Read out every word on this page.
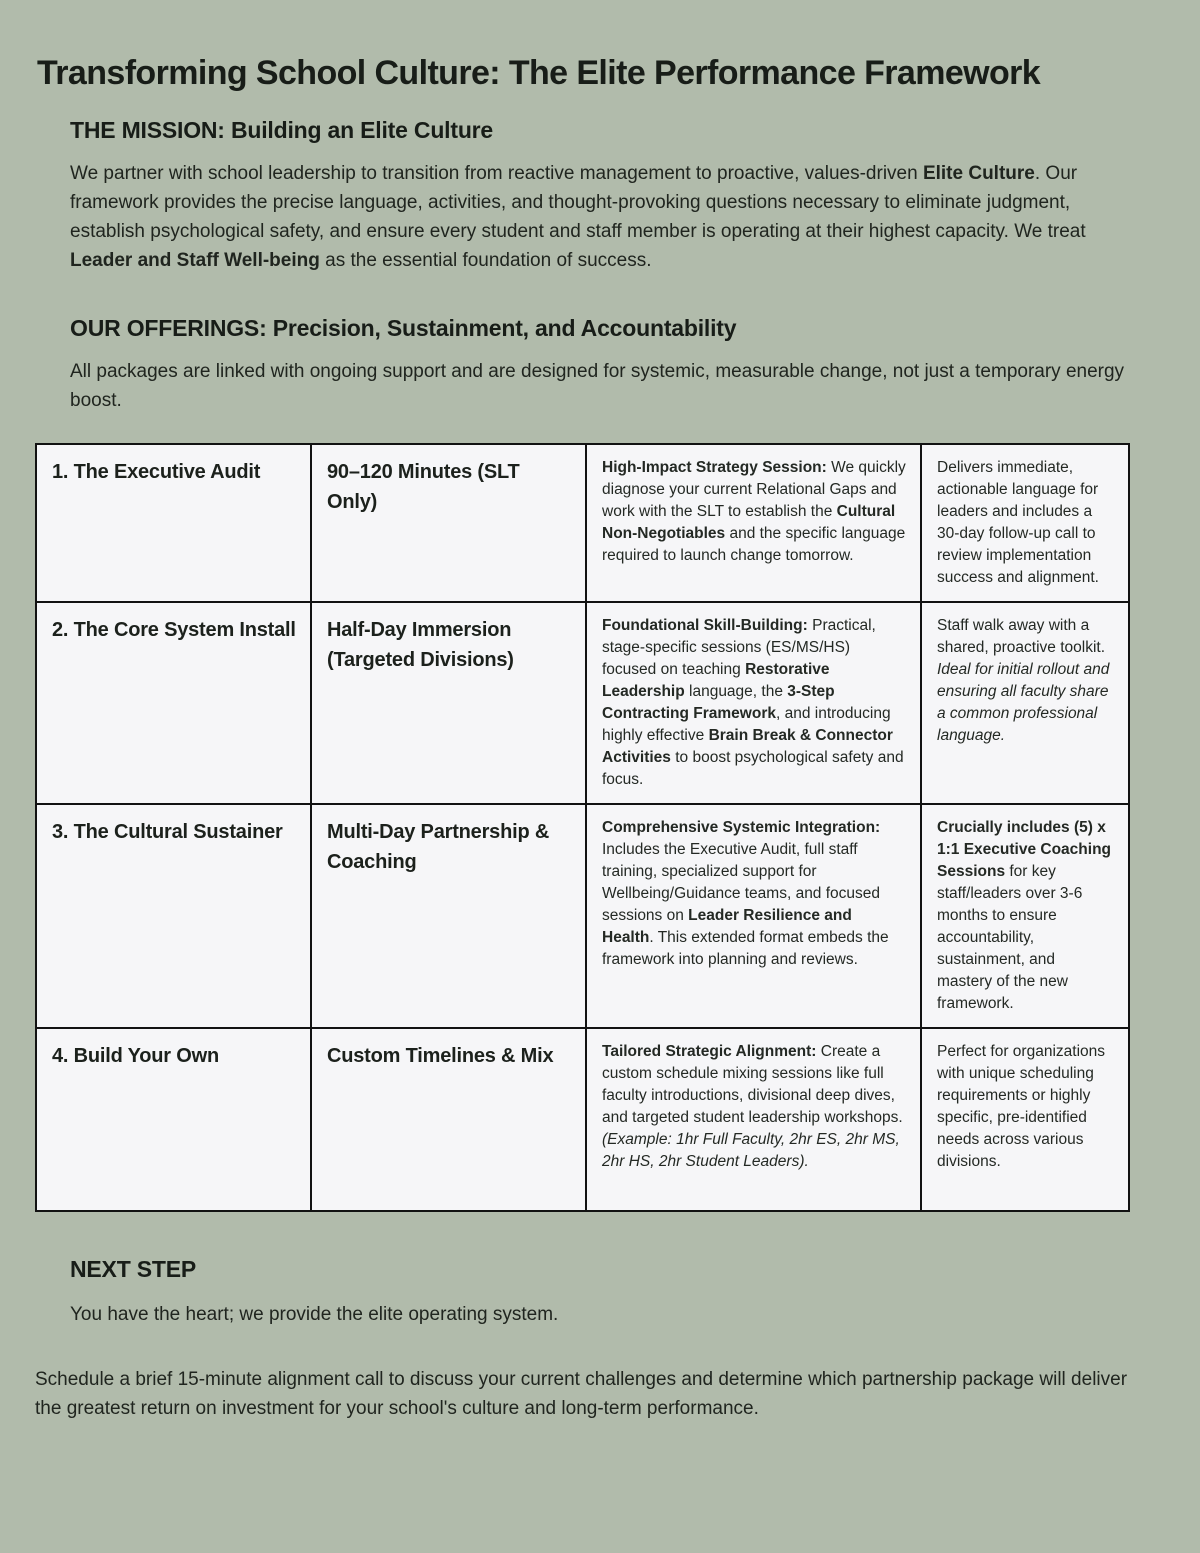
Transforming School Culture: The Elite Performance Framework
THE MISSION: Building an Elite Culture

We partner with school leadership to transition from reactive management to proactive, values-driven Elite Culture. Our framework provides the precise language, activities, and thought-provoking questions necessary to eliminate judgment, establish psychological safety, and ensure every student and staff member is operating at their highest capacity. We treat Leader and Staff Well-being as the essential foundation of success.

OUR OFFERINGS: Precision, Sustainment, and Accountability

All packages are linked with ongoing support and are designed for systemic, measurable change, not just a temporary energy boost.

1. The Executive Audit	90–120 Minutes (SLT Only)	High-Impact Strategy Session: We quickly diagnose your current Relational Gaps and work with the SLT to establish the Cultural Non-Negotiables and the specific language required to launch change tomorrow.	Delivers immediate, actionable language for leaders and includes a 30-day follow-up call to review implementation success and alignment.
2. The Core System Install	Half-Day Immersion (Targeted Divisions)	Foundational Skill-Building: Practical, stage-specific sessions (ES/MS/HS) focused on teaching Restorative Leadership language, the 3-Step Contracting Framework, and introducing highly effective Brain Break & Connector Activities to boost psychological safety and focus.	Staff walk away with a shared, proactive toolkit. Ideal for initial rollout and ensuring all faculty share a common professional language.
3. The Cultural Sustainer	Multi-Day Partnership & Coaching	Comprehensive Systemic Integration: Includes the Executive Audit, full staff training, specialized support for Wellbeing/Guidance teams, and focused sessions on Leader Resilience and Health. This extended format embeds the framework into planning and reviews.	Crucially includes (5) x 1:1 Executive Coaching Sessions for key staff/leaders over 3-6 months to ensure accountability, sustainment, and mastery of the new framework.
4. Build Your Own	Custom Timelines & Mix	Tailored Strategic Alignment: Create a custom schedule mixing sessions like full faculty introductions, divisional deep dives, and targeted student leadership workshops. (Example: 1hr Full Faculty, 2hr ES, 2hr MS, 2hr HS, 2hr Student Leaders).	Perfect for organizations with unique scheduling requirements or highly specific, pre-identified needs across various divisions.
NEXT STEP

You have the heart; we provide the elite operating system.

Schedule a brief 15-minute alignment call to discuss your current challenges and determine which partnership package will deliver the greatest return on investment for your school's culture and long-term performance.
